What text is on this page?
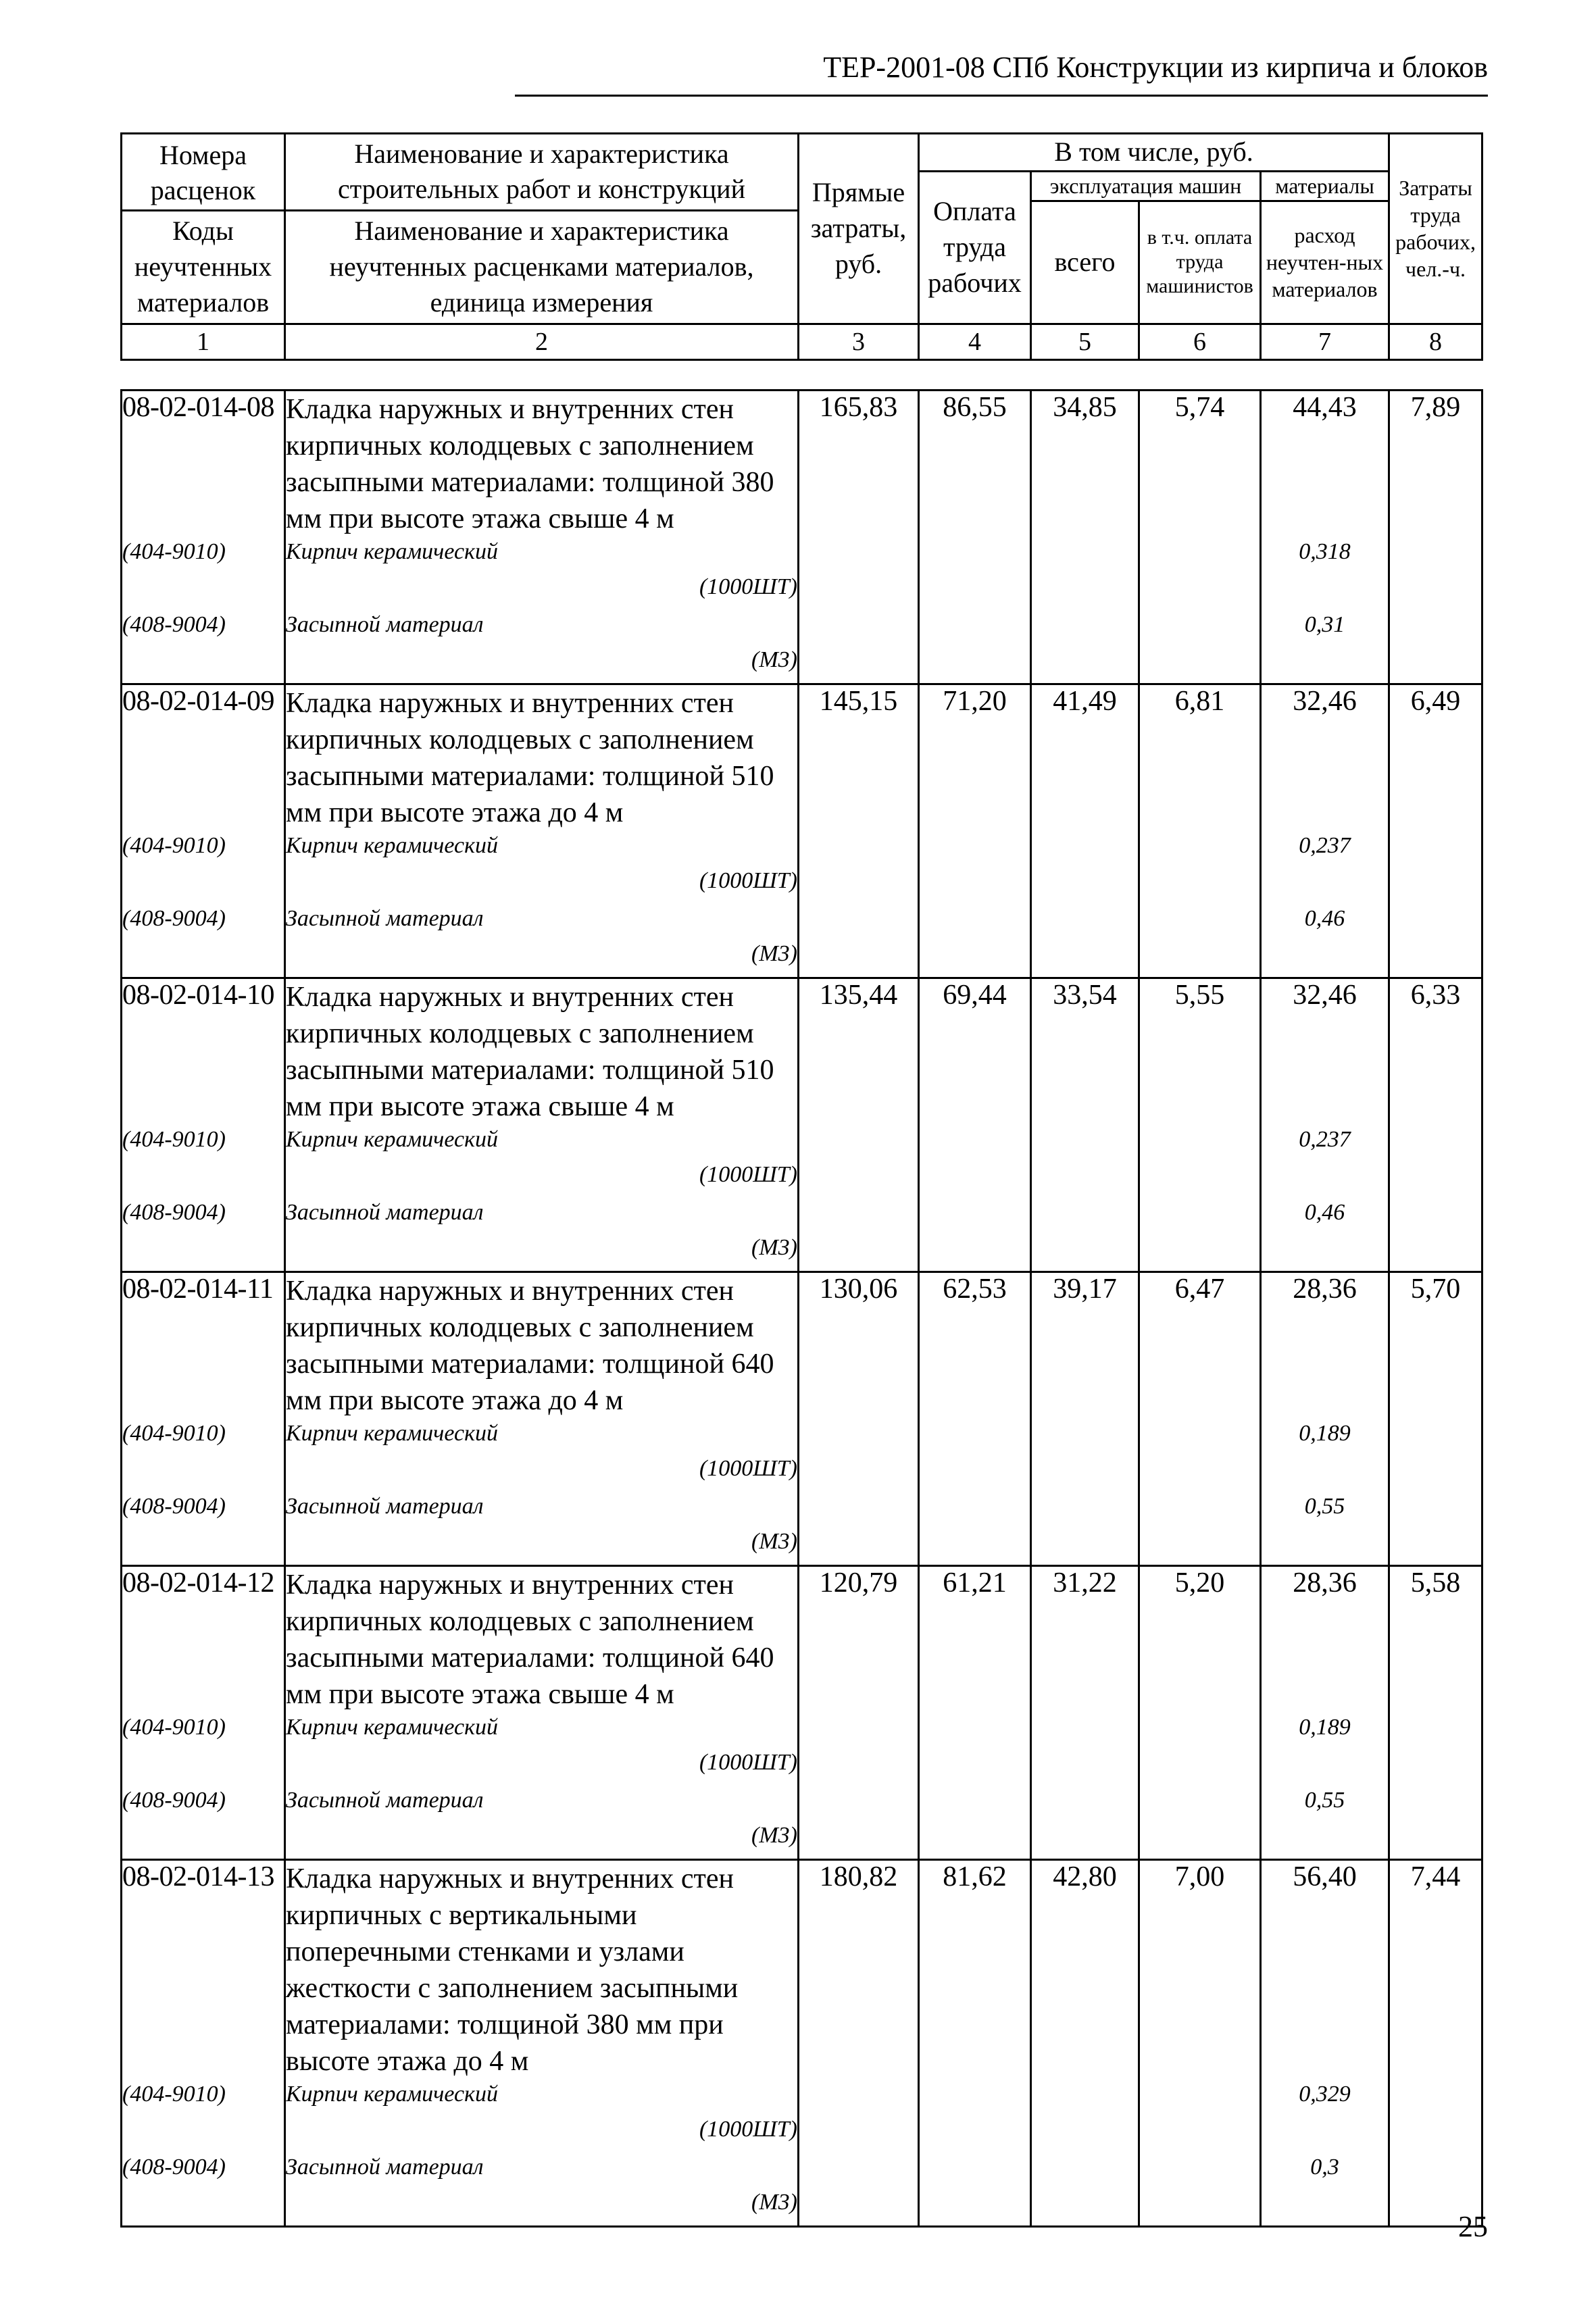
ТЕР-2001-08 СПб Конструкции из кирпича и блоков
Номера расценок	Наименование и характеристика строительных работ и конструкций	Прямые затраты, руб.	В том числе, руб.				Затраты труда рабочих, чел.-ч.
			Оплата труда рабочих	эксплуатация машин		материалы	
				всего	в т.ч. оплата труда машинистов	расход неучтен-ных материалов	
Коды неучтенных материалов	Наименование и характеристика неучтенных расценками материалов, единица измерения						

1	2	3	4	5	6	7	8
08-02-014-08	Кладка наружных и внутренних стен кирпичных колодцевых с заполнением засыпными материалами: толщиной 380 мм при высоте этажа свыше 4 м	165,83	86,55	34,85	5,74	44,43	7,89
(404-9010)	Кирпич керамический					0,318	
	(1000ШТ)						
(408-9004)	Засыпной материал					0,31	
	(М3)						
08-02-014-09	Кладка наружных и внутренних стен кирпичных колодцевых с заполнением засыпными материалами: толщиной 510 мм при высоте этажа до 4 м	145,15	71,20	41,49	6,81	32,46	6,49
(404-9010)	Кирпич керамический					0,237	
	(1000ШТ)						
(408-9004)	Засыпной материал					0,46	
	(М3)						
08-02-014-10	Кладка наружных и внутренних стен кирпичных колодцевых с заполнением засыпными материалами: толщиной 510 мм при высоте этажа свыше 4 м	135,44	69,44	33,54	5,55	32,46	6,33
(404-9010)	Кирпич керамический					0,237	
	(1000ШТ)						
(408-9004)	Засыпной материал					0,46	
	(М3)						
08-02-014-11	Кладка наружных и внутренних стен кирпичных колодцевых с заполнением засыпными материалами: толщиной 640 мм при высоте этажа до 4 м	130,06	62,53	39,17	6,47	28,36	5,70
(404-9010)	Кирпич керамический					0,189	
	(1000ШТ)						
(408-9004)	Засыпной материал					0,55	
	(М3)						
08-02-014-12	Кладка наружных и внутренних стен кирпичных колодцевых с заполнением засыпными материалами: толщиной 640 мм при высоте этажа свыше 4 м	120,79	61,21	31,22	5,20	28,36	5,58
(404-9010)	Кирпич керамический					0,189	
	(1000ШТ)						
(408-9004)	Засыпной материал					0,55	
	(М3)						
08-02-014-13	Кладка наружных и внутренних стен кирпичных с вертикальными поперечными стенками и узлами жесткости с заполнением засыпными материалами: толщиной 380 мм при высоте этажа до 4 м	180,82	81,62	42,80	7,00	56,40	7,44
(404-9010)	Кирпич керамический					0,329	
	(1000ШТ)						
(408-9004)	Засыпной материал					0,3	
	(М3)						
25
